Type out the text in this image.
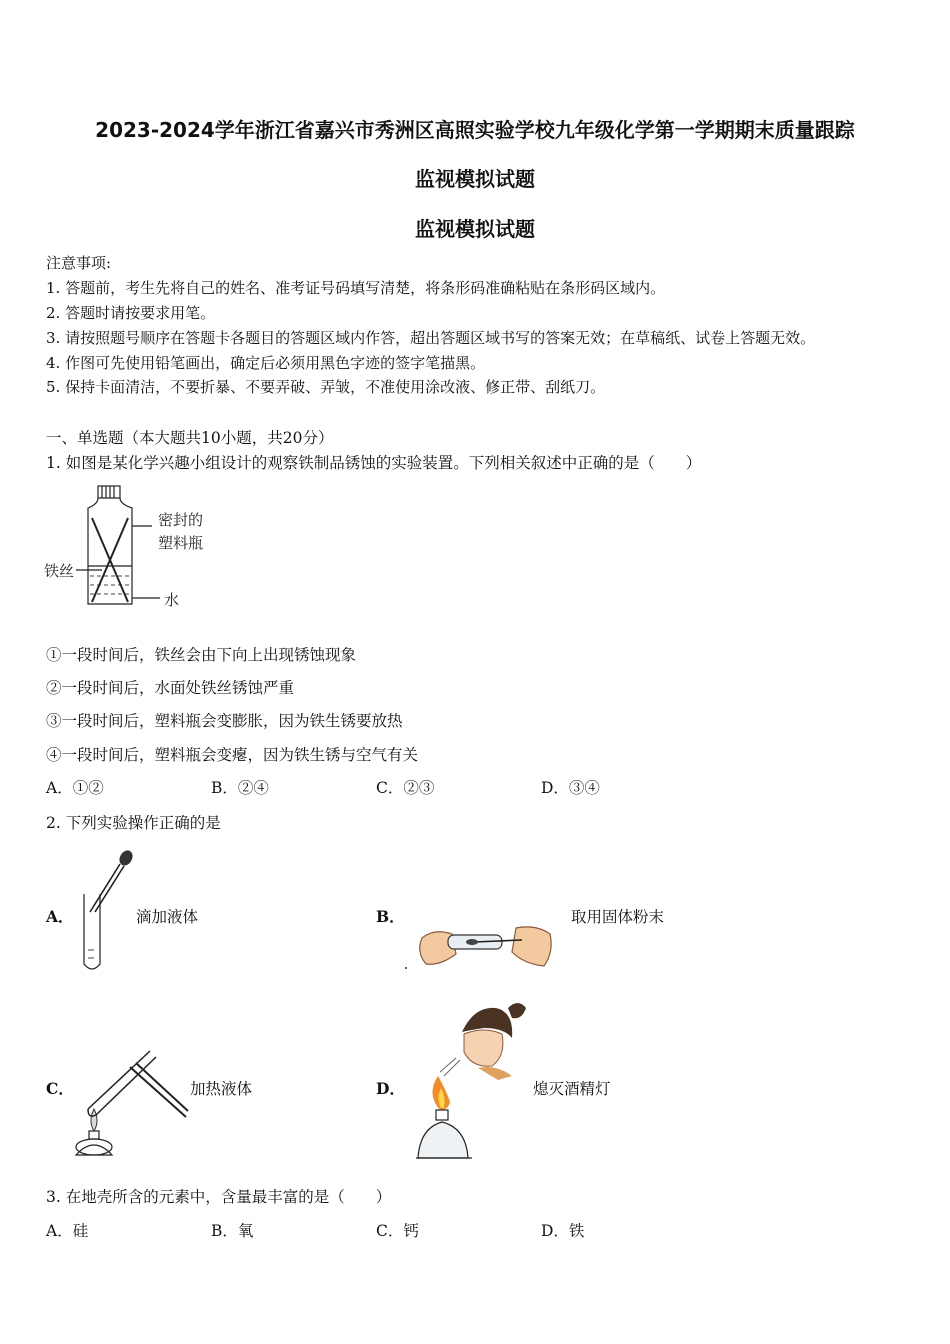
2023-2024学年浙江省嘉兴市秀洲区高照实验学校九年级化学第一学期期末质量跟踪
监视模拟试题
监视模拟试题
注意事项:
1. 答题前，考生先将自己的姓名、准考证号码填写清楚，将条形码准确粘贴在条形码区域内。
2. 答题时请按要求用笔。
3. 请按照题号顺序在答题卡各题目的答题区域内作答，超出答题区域书写的答案无效；在草稿纸、试卷上答题无效。
4. 作图可先使用铅笔画出，确定后必须用黑色字迹的签字笔描黑。
5. 保持卡面清洁，不要折暴、不要弄破、弄皱，不准使用涂改液、修正带、刮纸刀。
一、单选题（本大题共10小题，共20分）
1. 如图是某化学兴趣小组设计的观察铁制品锈蚀的实验装置。下列相关叙述中正确的是（　　）
密封的
塑料瓶
铁丝
水
①一段时间后，铁丝会由下向上出现锈蚀现象
②一段时间后，水面处铁丝锈蚀严重
③一段时间后，塑料瓶会变膨胀，因为铁生锈要放热
④一段时间后，塑料瓶会变瘪，因为铁生锈与空气有关
A．①②	B．②④	C．②③	D．③④
2. 下列实验操作正确的是
A．	滴加液体	B．	取用固体粉末
C．	加热液体	D．	熄灭酒精灯
3. 在地壳所含的元素中，含量最丰富的是（　　）
A．硅	B．氧	C．钙	D．铁
